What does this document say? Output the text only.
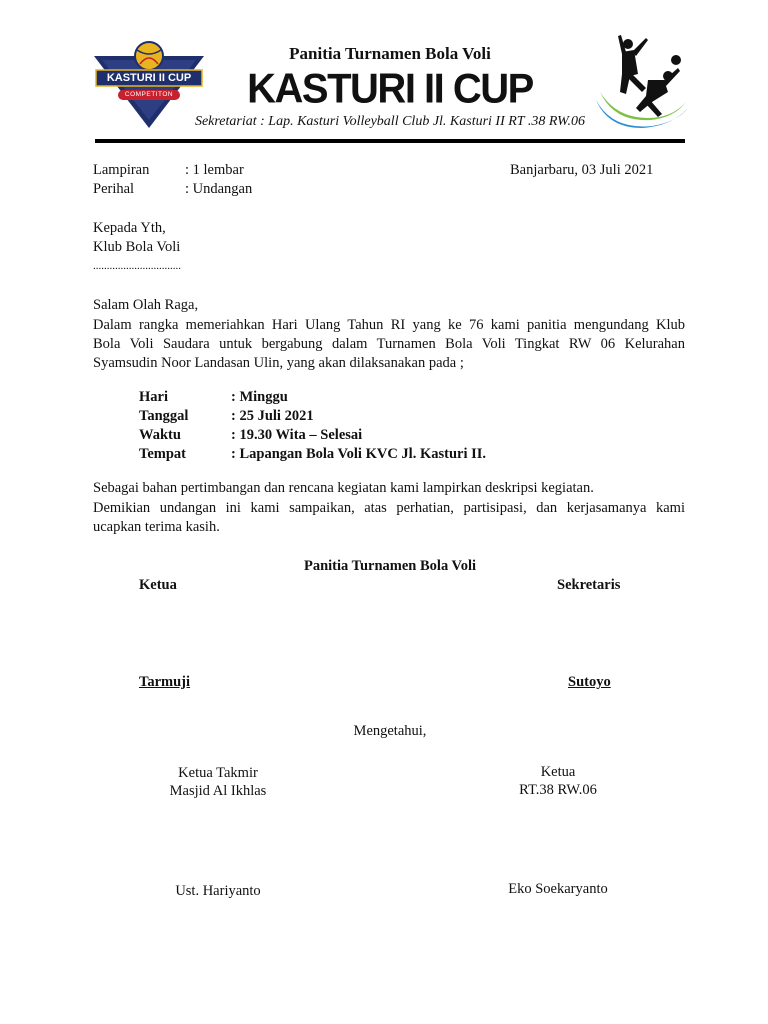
KASTURI II CUP
COMPETITON
Panitia Turnamen Bola Voli
KASTURI II CUP
Sekretariat : Lap. Kasturi Volleyball Club Jl. Kasturi II RT .38 RW.06
Lampiran : 1 lembar
Perihal	: Undangan
Banjarbaru, 03 Juli 2021
Kepada Yth,
Klub Bola Voli
................................
Salam Olah Raga,
Dalam rangka memeriahkan Hari Ulang Tahun RI yang ke 76 kami panitia mengundang Klub
Bola Voli Saudara untuk bergabung dalam Turnamen Bola Voli Tingkat RW 06 Kelurahan
Syamsudin Noor Landasan Ulin, yang akan dilaksanakan pada ;
Hari	: Minggu
Tanggal	: 25 Juli 2021
Waktu	: 19.30 Wita – Selesai
Tempat	: Lapangan Bola Voli KVC Jl. Kasturi II.
Sebagai bahan pertimbangan dan rencana kegiatan kami lampirkan deskripsi kegiatan.
Demikian undangan ini kami sampaikan, atas perhatian, partisipasi, dan kerjasamanya kami
ucapkan terima kasih.
Panitia Turnamen Bola Voli
Ketua	Sekretaris
Tarmuji	Sutoyo
Mengetahui,
Ketua Takmir
Masjid Al Ikhlas
Ketua
RT.38 RW.06
Ust. Hariyanto	Eko Soekaryanto
